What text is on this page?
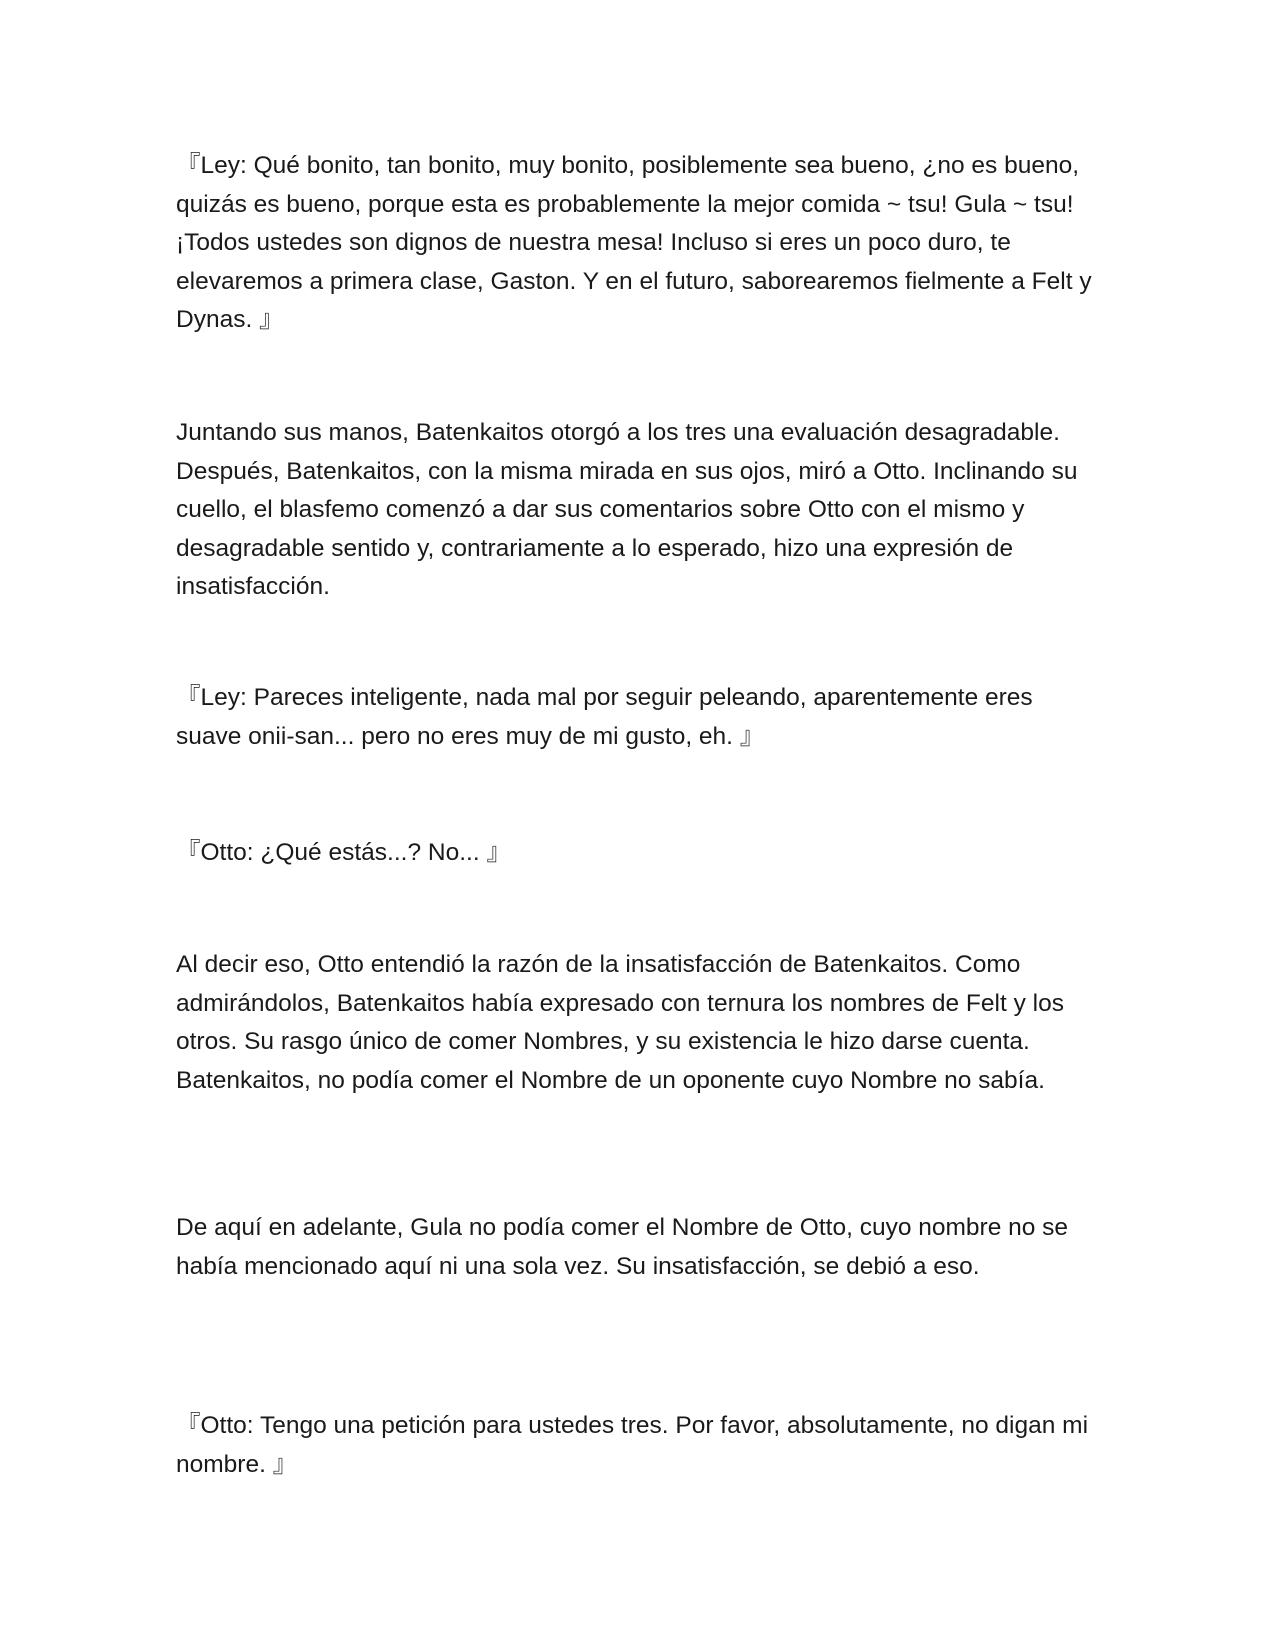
『Ley: Qué bonito, tan bonito, muy bonito, posiblemente sea bueno, ¿no es bueno, quizás es bueno, porque esta es probablemente la mejor comida ~ tsu! Gula ~ tsu! ¡Todos ustedes son dignos de nuestra mesa! Incluso si eres un poco duro, te elevaremos a primera clase, Gaston. Y en el futuro, saborearemos fielmente a Felt y Dynas. 』

Juntando sus manos, Batenkaitos otorgó a los tres una evaluación desagradable. Después, Batenkaitos, con la misma mirada en sus ojos, miró a Otto. Inclinando su cuello, el blasfemo comenzó a dar sus comentarios sobre Otto con el mismo y desagradable sentido y, contrariamente a lo esperado, hizo una expresión de insatisfacción.

『Ley: Pareces inteligente, nada mal por seguir peleando, aparentemente eres suave onii-san... pero no eres muy de mi gusto, eh. 』

『Otto: ¿Qué estás...? No... 』

Al decir eso, Otto entendió la razón de la insatisfacción de Batenkaitos. Como admirándolos, Batenkaitos había expresado con ternura los nombres de Felt y los otros. Su rasgo único de comer Nombres, y su existencia le hizo darse cuenta. Batenkaitos, no podía comer el Nombre de un oponente cuyo Nombre no sabía.

De aquí en adelante, Gula no podía comer el Nombre de Otto, cuyo nombre no se había mencionado aquí ni una sola vez. Su insatisfacción, se debió a eso.

『Otto: Tengo una petición para ustedes tres. Por favor, absolutamente, no digan mi nombre. 』
